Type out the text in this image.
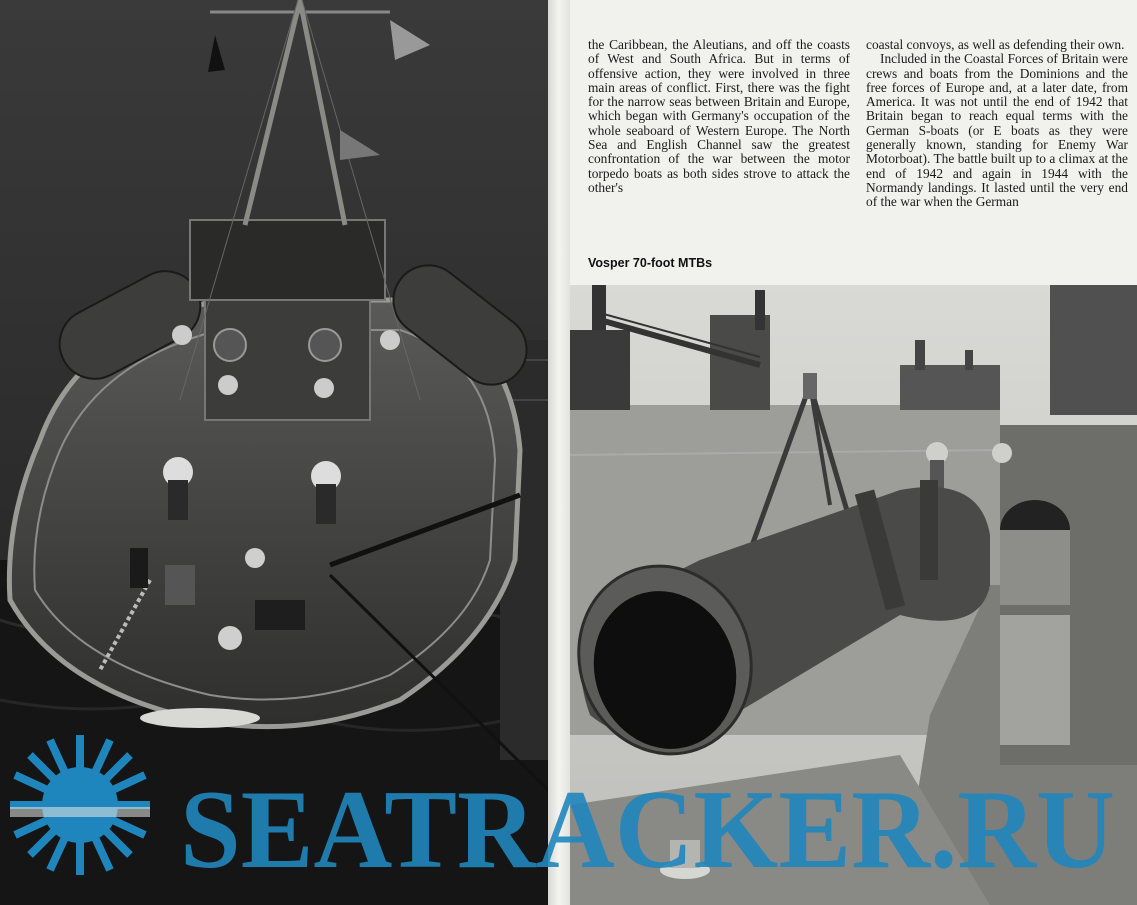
the Caribbean, the Aleutians, and off the coasts of West and South Africa. But in terms of offensive action, they were involved in three main areas of conflict. First, there was the fight for the narrow seas between Britain and Europe, which began with Germany's occupation of the whole seaboard of Western Europe. The North Sea and English Channel saw the greatest confrontation of the war between the motor torpedo boats as both sides strove to attack the other's

Vosper 70-foot MTBs

coastal convoys, as well as defending their own.

Included in the Coastal Forces of Britain were crews and boats from the Dominions and the free forces of Europe and, at a later date, from America. It was not until the end of 1942 that Britain began to reach equal terms with the German S-boats (or E boats as they were generally known, standing for Enemy War Motorboat). The battle built up to a climax at the end of 1942 and again in 1944 with the Normandy landings. It lasted until the very end of the war when the German

SEATRACKER.RU
